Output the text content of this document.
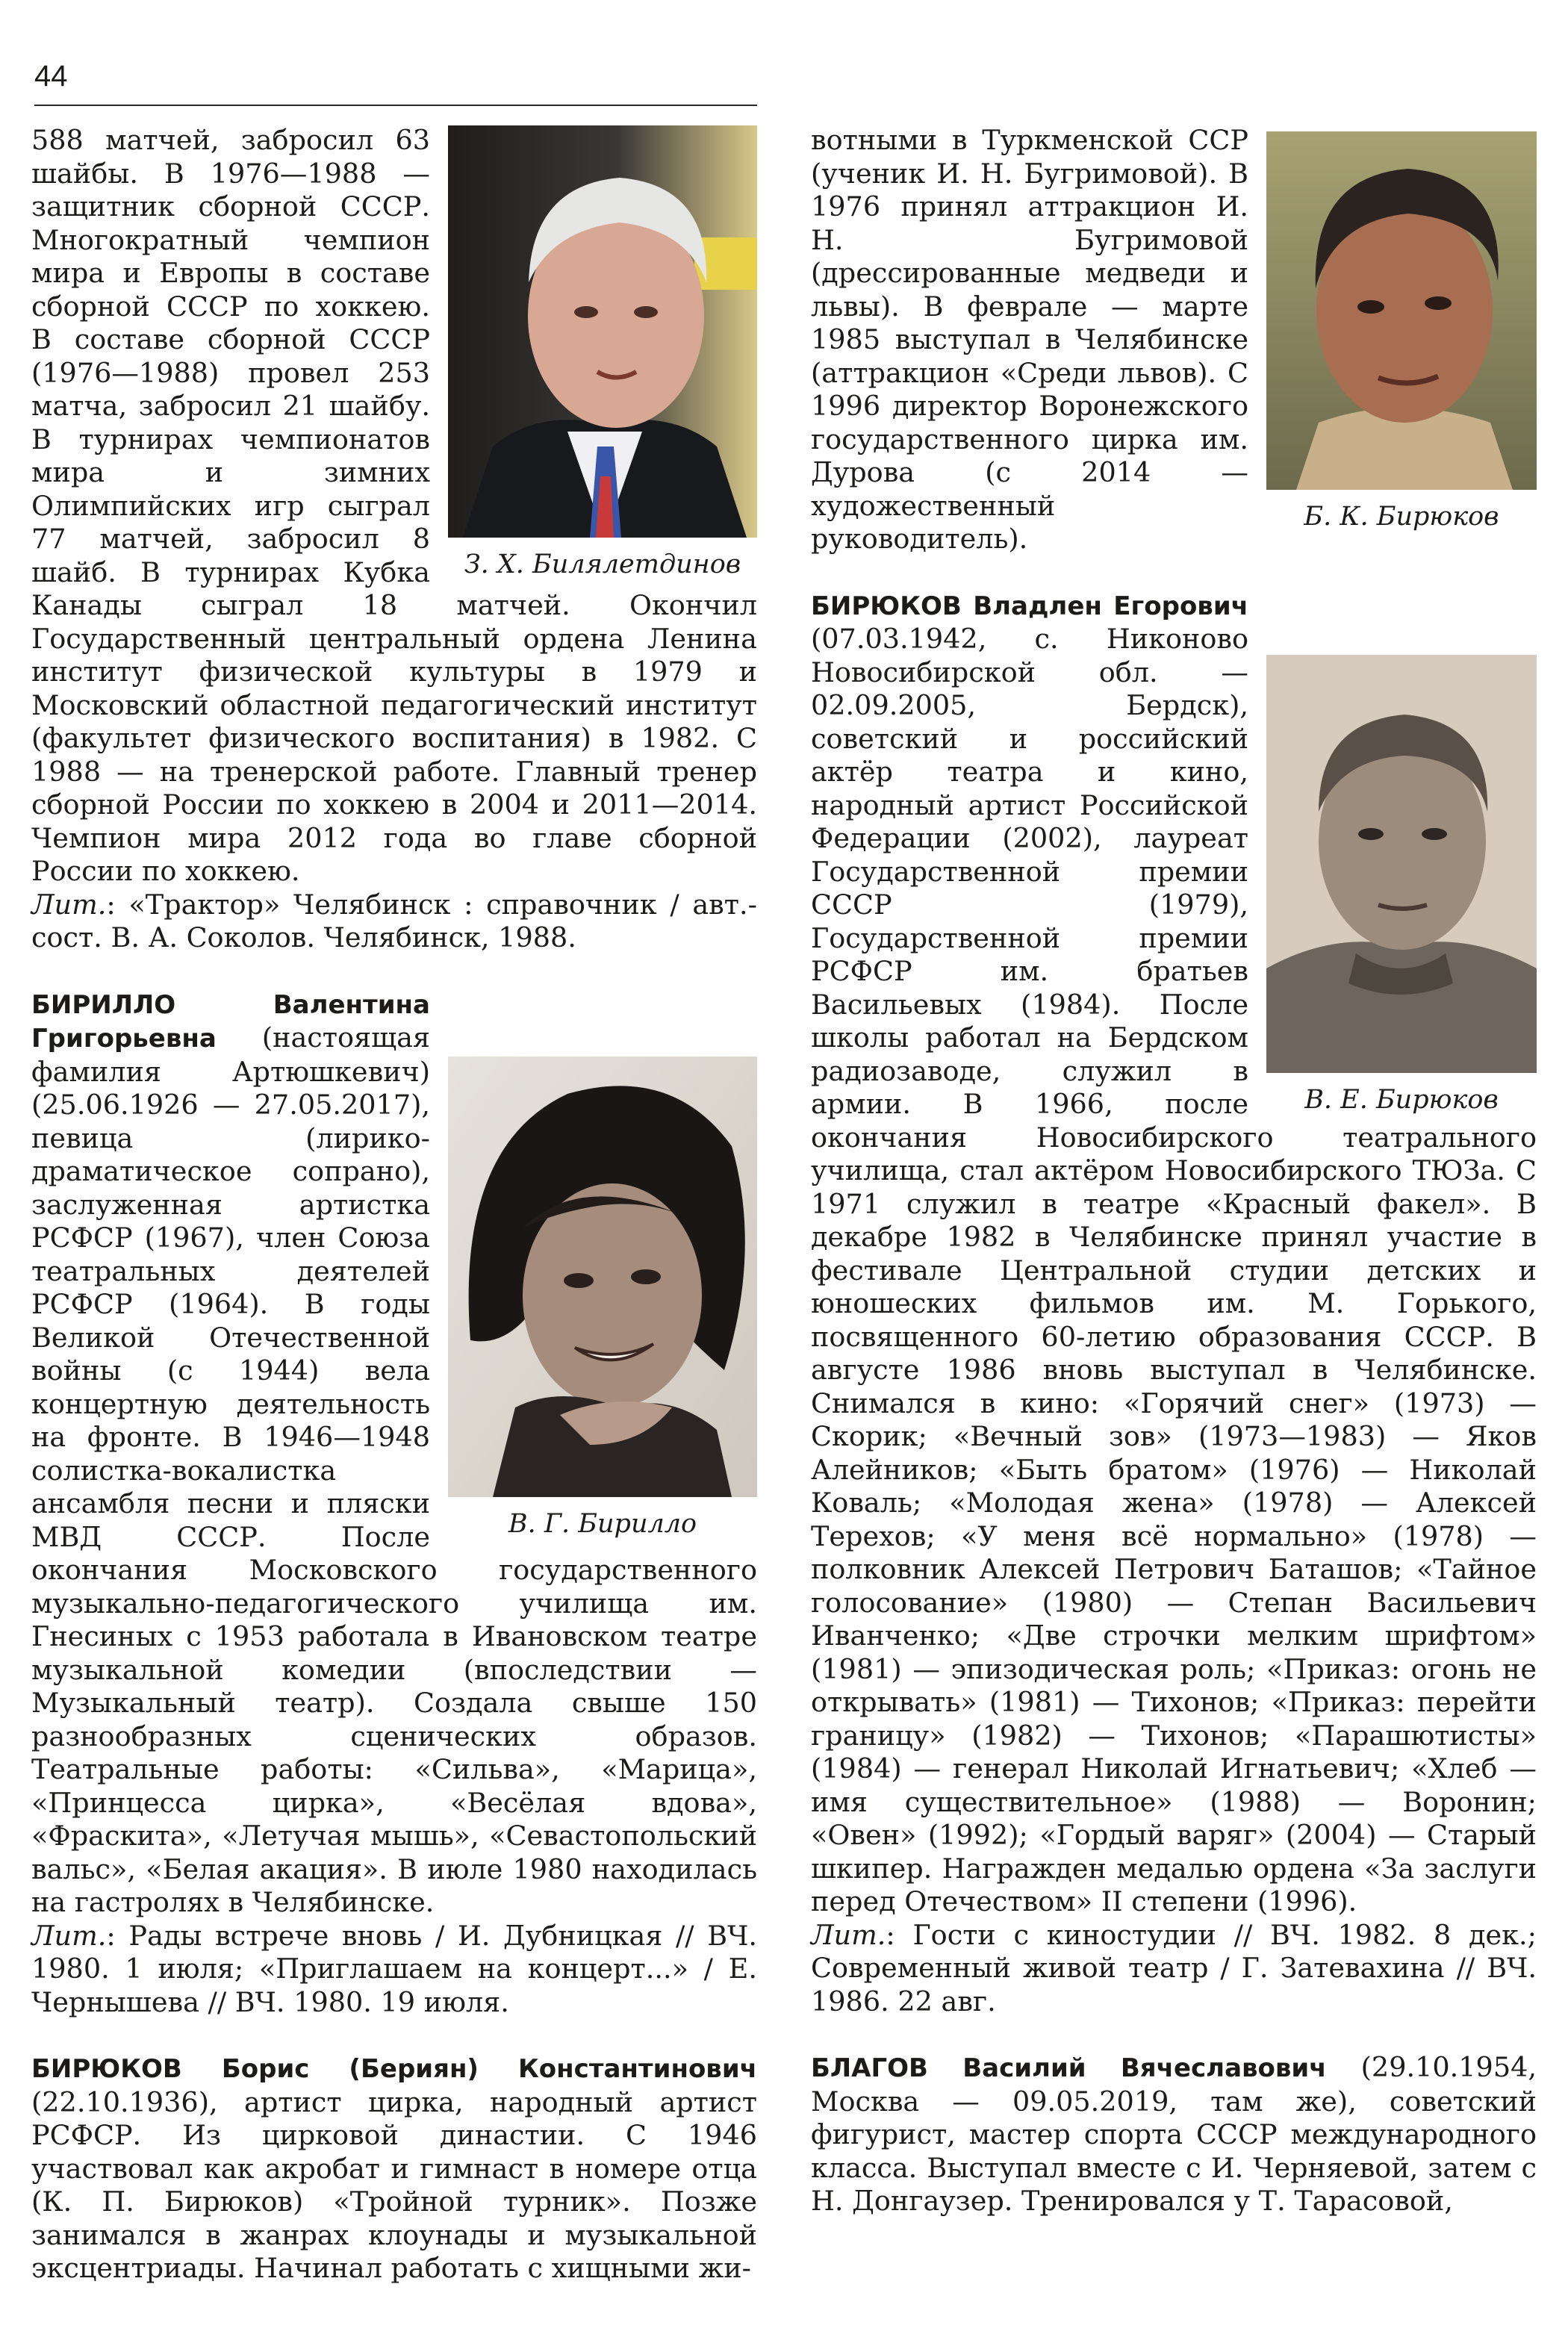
44
З. Х. Билялетдинов

588 матчей, забросил 63 шайбы. В 1976—1988 — защитник сборной СССР. Многократный чемпион мира и Европы в составе сборной СССР по хоккею. В составе сборной СССР (1976—1988) провел 253 матча, забросил 21 шайбу. В турнирах чемпионатов мира и зимних Олимпийских игр сыграл 77 матчей, забросил 8 шайб. В турнирах Кубка Канады сыграл 18 матчей. Окончил Государственный центральный ордена Ленина институт физической культуры в 1979 и Московский областной педагогический институт (факультет физического воспитания) в 1982. С 1988 — на тренерской работе. Главный тренер сборной России по хоккею в 2004 и 2011—2014. Чемпион мира 2012 года во главе сборной России по хоккею.

Лит.: «Трактор» Челябинск : справочник / авт.-сост. В. А. Соколов. Челябинск, 1988.

В. Г. Бирилло
БИРИЛЛО Валентина Григорьевна (настоящая фамилия Артюшкевич) (25.06.1926 — 27.05.2017), певица (лирико-драматическое сопрано), заслуженная артистка РСФСР (1967), член Союза театральных деятелей РСФСР (1964). В годы Великой Отечественной войны (с 1944) вела концертную деятельность на фронте. В 1946—1948 солистка-вокалистка ансамбля песни и пляски МВД СССР. После окончания Московского государственного музыкально-педагогического училища им. Гнесиных с 1953 работала в Ивановском театре музыкальной комедии (впоследствии — Музыкальный театр). Создала свыше 150 разнообразных сценических образов. Театральные работы: «Сильва», «Марица», «Принцесса цирка», «Весёлая вдова», «Фраскита», «Летучая мышь», «Севастопольский вальс», «Белая акация». В июле 1980 находилась на гастролях в Челябинске.

Лит.: Рады встрече вновь / И. Дубницкая // ВЧ. 1980. 1 июля; «Приглашаем на концерт...» / Е. Чернышева // ВЧ. 1980. 19 июля.

БИРЮКОВ Борис (Бериян) Константинович (22.10.1936), артист цирка, народный артист РСФСР. Из цирковой династии. С 1946 участвовал как акробат и гимнаст в номере отца (К. П. Бирюков) «Тройной турник». Позже занимался в жанрах клоунады и музыкальной эксцентриады. Начинал работать с хищными жи-

Б. К. Бирюков

вотными в Туркменской ССР (ученик И. Н. Бугримовой). В 1976 принял аттракцион И. Н. Бугримовой (дрессированные медведи и львы). В феврале — марте 1985 выступал в Челябинске (аттракцион «Среди львов). С 1996 директор Воронежского государственного цирка им. Дурова (с 2014 — художественный руководитель).

В. Е. Бирюков
БИРЮКОВ Владлен Егорович (07.03.1942, с. Никоново Новосибирской обл. — 02.09.2005, Бердск), советский и российский актёр театра и кино, народный артист Российской Федерации (2002), лауреат Государственной премии СССР (1979), Государственной премии РСФСР им. братьев Васильевых (1984). После школы работал на Бердском радиозаводе, служил в армии. В 1966, после окончания Новосибирского театрального училища, стал актёром Новосибирского ТЮЗа. С 1971 служил в театре «Красный факел». В декабре 1982 в Челябинске принял участие в фестивале Центральной студии детских и юношеских фильмов им. М. Горького, посвященного 60-летию образования СССР. В августе 1986 вновь выступал в Челябинске. Снимался в кино: «Горячий снег» (1973) — Скорик; «Вечный зов» (1973—1983) — Яков Алейников; «Быть братом» (1976) — Николай Коваль; «Молодая жена» (1978) — Алексей Терехов; «У меня всё нормально» (1978) — полковник Алексей Петрович Баташов; «Тайное голосование» (1980) — Степан Васильевич Иванченко; «Две строчки мелким шрифтом» (1981) — эпизодическая роль; «Приказ: огонь не открывать» (1981) — Тихонов; «Приказ: перейти границу» (1982) — Тихонов; «Парашютисты» (1984) — генерал Николай Игнатьевич; «Хлеб — имя существительное» (1988) — Воронин; «Овен» (1992); «Гордый варяг» (2004) — Старый шкипер. Награжден медалью ордена «За заслуги перед Отечеством» II степени (1996).

Лит.: Гости с киностудии // ВЧ. 1982. 8 дек.; Современный живой театр / Г. Затевахина // ВЧ. 1986. 22 авг.

БЛАГОВ Василий Вячеславович (29.10.1954, Москва — 09.05.2019, там же), советский фигурист, мастер спорта СССР международного класса. Выступал вместе с И. Черняевой, затем с Н. Донгаузер. Тренировался у Т. Тарасовой,
